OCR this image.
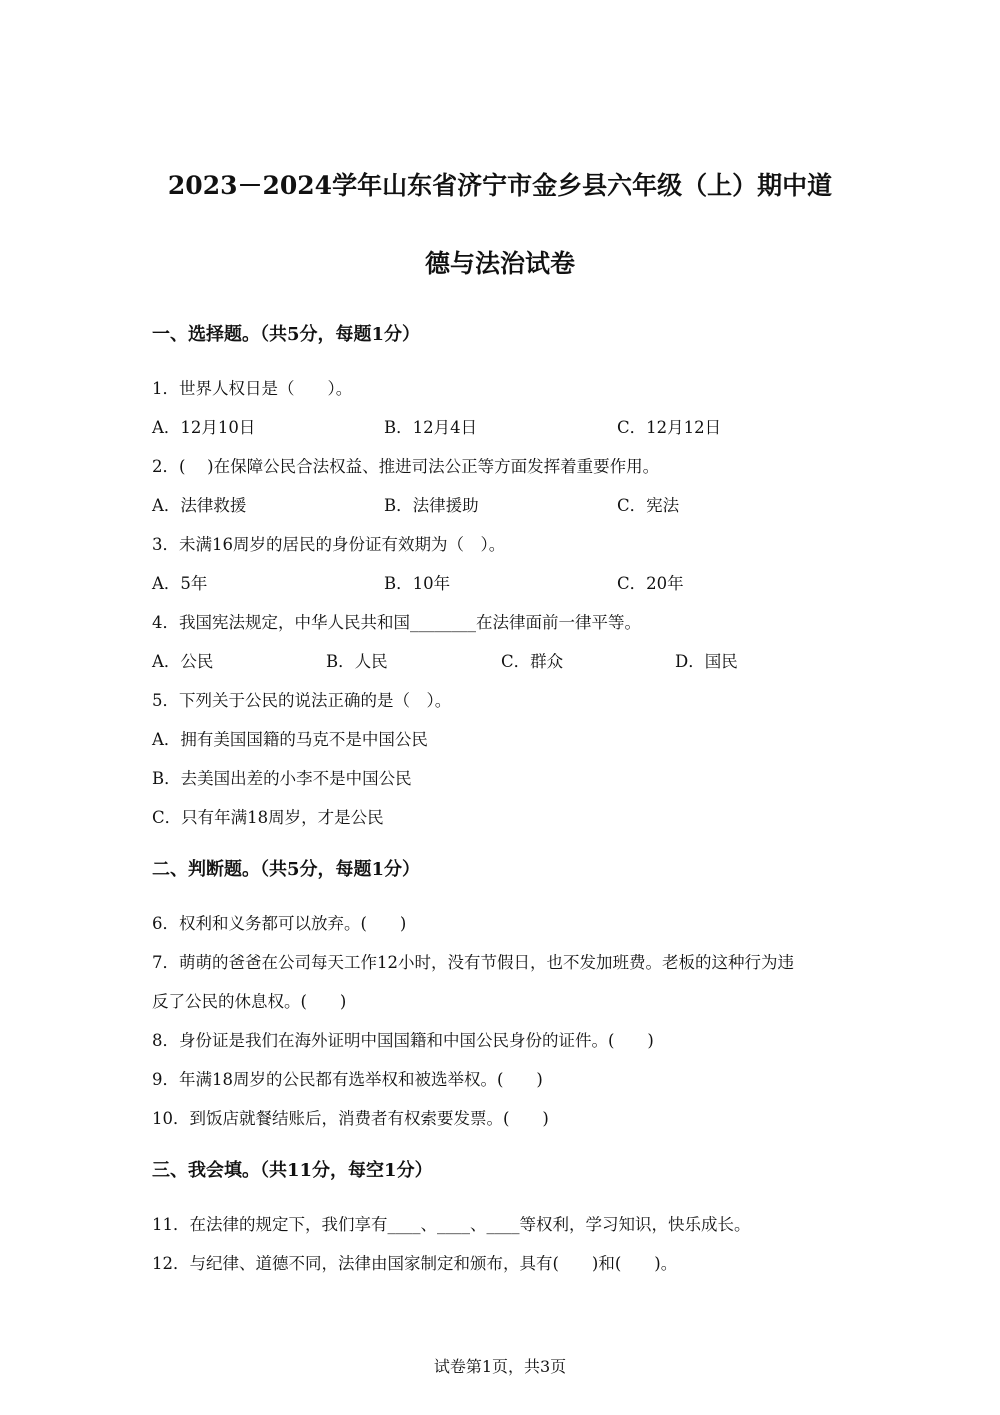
2023－2024学年山东省济宁市金乡县六年级（上）期中道
德与法治试卷
一、选择题。（共5分，每题1分）
1．世界人权日是（　　）。
A．12月10日	B．12月4日	C．12月12日
2．(　 )在保障公民合法权益、推进司法公正等方面发挥着重要作用。
A．法律救援	B．法律援助	C．宪法
3．未满16周岁的居民的身份证有效期为（　）。
A．5年	B．10年	C．20年
4．我国宪法规定，中华人民共和国________在法律面前一律平等。
A．公民	B．人民	C．群众	D．国民
5．下列关于公民的说法正确的是（　）。
A．拥有美国国籍的马克不是中国公民
B．去美国出差的小李不是中国公民
C．只有年满18周岁，才是公民
二、判断题。（共5分，每题1分）
6．权利和义务都可以放弃。(　　)
7．萌萌的爸爸在公司每天工作12小时，没有节假日，也不发加班费。老板的这种行为违
反了公民的休息权。(　　)
8．身份证是我们在海外证明中国国籍和中国公民身份的证件。(　　)
9．年满18周岁的公民都有选举权和被选举权。(　　)
10．到饭店就餐结账后，消费者有权索要发票。(　　)
三、我会填。（共11分，每空1分）
11．在法律的规定下，我们享有____、____、____等权利，学习知识，快乐成长。
12．与纪律、道德不同，法律由国家制定和颁布，具有(　　)和(　　)。
试卷第1页，共3页
